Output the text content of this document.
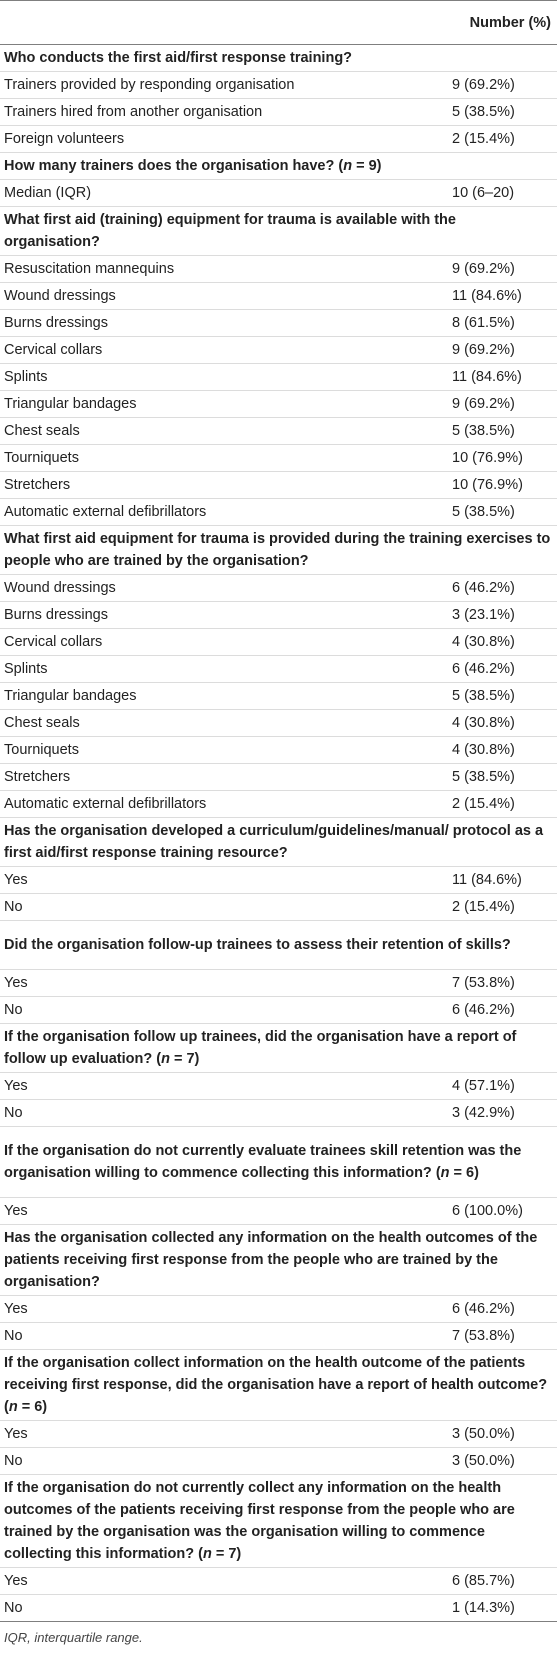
	Number (%)
Who conducts the first aid/first response training?
Trainers provided by responding organisation	9 (69.2%)
Trainers hired from another organisation	5 (38.5%)
Foreign volunteers	2 (15.4%)
How many trainers does the organisation have? (n = 9)
Median (IQR)	10 (6–20)
What first aid (training) equipment for trauma is available with the organisation?
Resuscitation mannequins	9 (69.2%)
Wound dressings	11 (84.6%)
Burns dressings	8 (61.5%)
Cervical collars	9 (69.2%)
Splints	11 (84.6%)
Triangular bandages	9 (69.2%)
Chest seals	5 (38.5%)
Tourniquets	10 (76.9%)
Stretchers	10 (76.9%)
Automatic external defibrillators	5 (38.5%)
What first aid equipment for trauma is provided during the training exercises to people who are trained by the organisation?
Wound dressings	6 (46.2%)
Burns dressings	3 (23.1%)
Cervical collars	4 (30.8%)
Splints	6 (46.2%)
Triangular bandages	5 (38.5%)
Chest seals	4 (30.8%)
Tourniquets	4 (30.8%)
Stretchers	5 (38.5%)
Automatic external defibrillators	2 (15.4%)
Has the organisation developed a curriculum/guidelines/manual/ protocol as a first aid/first response training resource?
Yes	11 (84.6%)
No	2 (15.4%)
Did the organisation follow-up trainees to assess their retention of skills?
Yes	7 (53.8%)
No	6 (46.2%)
If the organisation follow up trainees, did the organisation have a report of follow up evaluation? (n = 7)
Yes	4 (57.1%)
No	3 (42.9%)
If the organisation do not currently evaluate trainees skill retention was the organisation willing to commence collecting this information? (n = 6)
Yes	6 (100.0%)
Has the organisation collected any information on the health outcomes of the patients receiving first response from the people who are trained by the organisation?
Yes	6 (46.2%)
No	7 (53.8%)
If the organisation collect information on the health outcome of the patients receiving first response, did the organisation have a report of health outcome? (n = 6)
Yes	3 (50.0%)
No	3 (50.0%)
If the organisation do not currently collect any information on the health outcomes of the patients receiving first response from the people who are trained by the organisation was the organisation willing to commence collecting this information? (n = 7)
Yes	6 (85.7%)
No	1 (14.3%)
IQR, interquartile range.
